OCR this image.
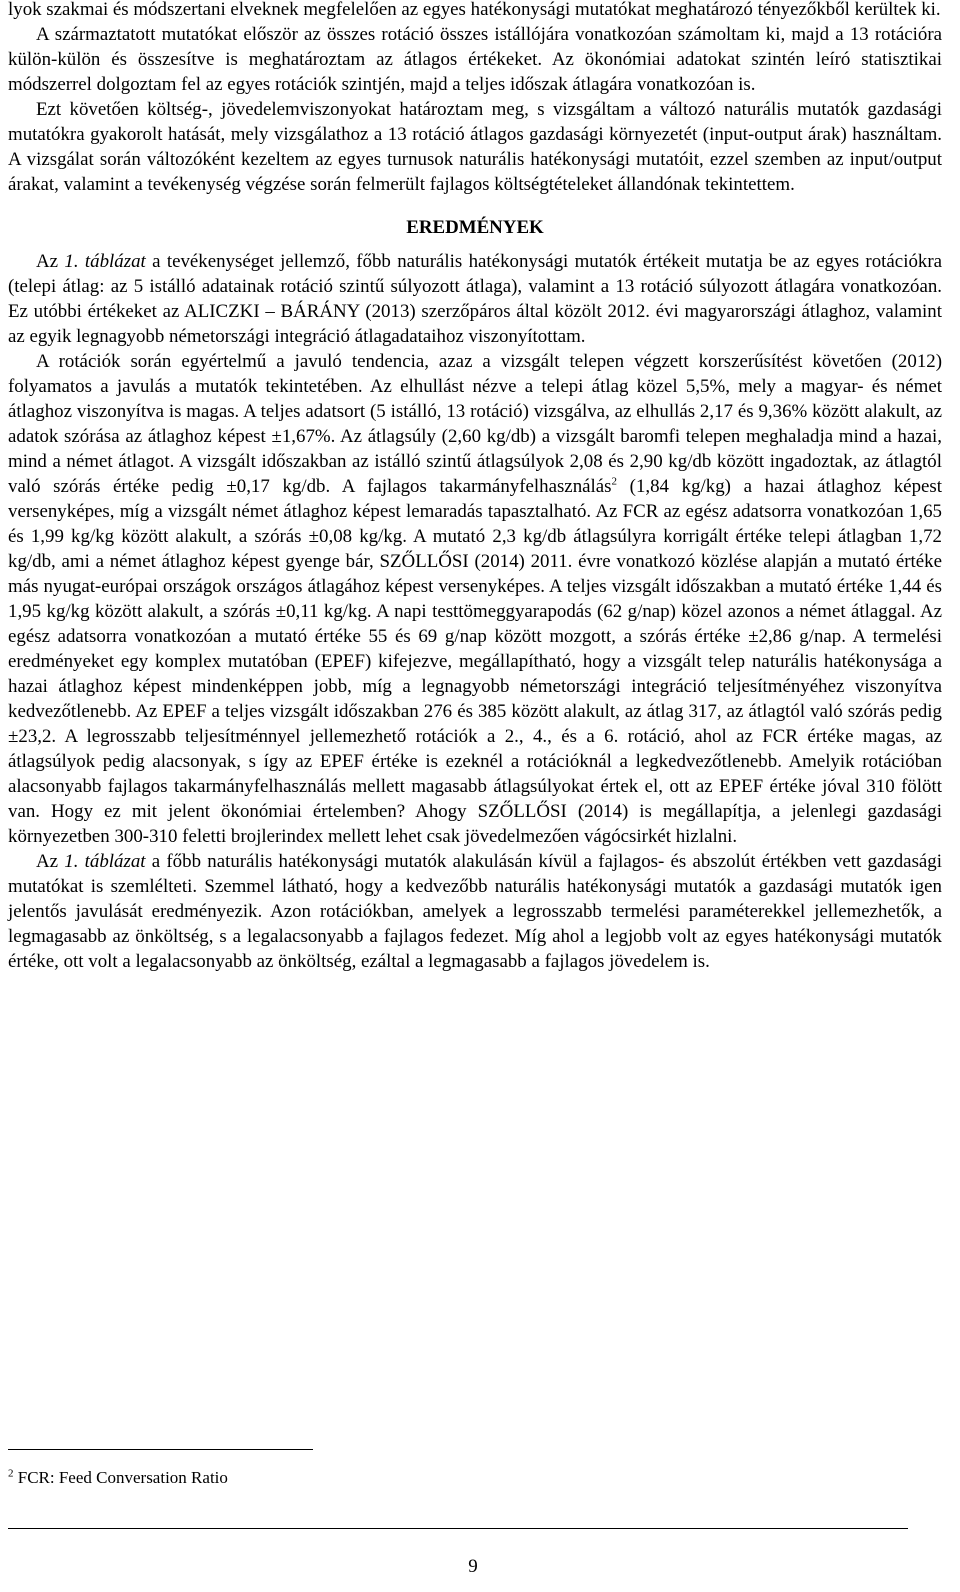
lyok szakmai és módszertani elveknek megfelelően az egyes hatékonysági mutatókat meghatározó tényezőkből kerültek ki.

A származtatott mutatókat először az összes rotáció összes istállójára vonatkozóan számoltam ki, majd a 13 rotációra külön-külön és összesítve is meghatároztam az átlagos értékeket. Az ökonómiai adatokat szintén leíró statisztikai módszerrel dolgoztam fel az egyes rotációk szintjén, majd a teljes időszak átlagára vonatkozóan is.

Ezt követően költség-, jövedelemviszonyokat határoztam meg, s vizsgáltam a változó naturális mutatók gazdasági mutatókra gyakorolt hatását, mely vizsgálathoz a 13 rotáció átlagos gazdasági környezetét (input-output árak) használtam. A vizsgálat során változóként kezeltem az egyes turnusok naturális hatékonysági mutatóit, ezzel szemben az input/output árakat, valamint a tevékenység végzése során felmerült fajlagos költségtételeket állandónak tekintettem.

EREDMÉNYEK

Az 1. táblázat a tevékenységet jellemző, főbb naturális hatékonysági mutatók értékeit mutatja be az egyes rotációkra (telepi átlag: az 5 istálló adatainak rotáció szintű súlyozott átlaga), valamint a 13 rotáció súlyozott átlagára vonatkozóan. Ez utóbbi értékeket az ALICZKI – BÁRÁNY (2013) szerzőpáros által közölt 2012. évi magyarországi átlaghoz, valamint az egyik legnagyobb németországi integráció átlagadataihoz viszonyítottam.

A rotációk során egyértelmű a javuló tendencia, azaz a vizsgált telepen végzett korszerűsítést követően (2012) folyamatos a javulás a mutatók tekintetében. Az elhullást nézve a telepi átlag közel 5,5%, mely a magyar- és német átlaghoz viszonyítva is magas. A teljes adatsort (5 istálló, 13 rotáció) vizsgálva, az elhullás 2,17 és 9,36% között alakult, az adatok szórása az átlaghoz képest ±1,67%. Az átlagsúly (2,60 kg/db) a vizsgált baromfi telepen meghaladja mind a hazai, mind a német átlagot. A vizsgált időszakban az istálló szintű átlagsúlyok 2,08 és 2,90 kg/db között ingadoztak, az átlagtól való szórás értéke pedig ±0,17 kg/db. A fajlagos takarmányfelhasználás$^2$ (1,84 kg/kg) a hazai átlaghoz képest versenyképes, míg a vizsgált német átlaghoz képest lemaradás tapasztalható. Az FCR az egész adatsorra vonatkozóan 1,65 és 1,99 kg/kg között alakult, a szórás ±0,08 kg/kg. A mutató 2,3 kg/db átlagsúlyra korrigált értéke telepi átlagban 1,72 kg/db, ami a német átlaghoz képest gyenge bár, SZŐLLŐSI (2014) 2011. évre vonatkozó közlése alapján a mutató értéke más nyugat-európai országok országos átlagához képest versenyképes. A teljes vizsgált időszakban a mutató értéke 1,44 és 1,95 kg/kg között alakult, a szórás ±0,11 kg/kg. A napi testtömeggyarapodás (62 g/nap) közel azonos a német átlaggal. Az egész adatsorra vonatkozóan a mutató értéke 55 és 69 g/nap között mozgott, a szórás értéke ±2,86 g/nap. A termelési eredményeket egy komplex mutatóban (EPEF) kifejezve, megállapítható, hogy a vizsgált telep naturális hatékonysága a hazai átlaghoz képest mindenképpen jobb, míg a legnagyobb németországi integráció teljesítményéhez viszonyítva kedvezőtlenebb. Az EPEF a teljes vizsgált időszakban 276 és 385 között alakult, az átlag 317, az átlagtól való szórás pedig ±23,2. A legrosszabb teljesítménnyel jellemezhető rotációk a 2., 4., és a 6. rotáció, ahol az FCR értéke magas, az átlagsúlyok pedig alacsonyak, s így az EPEF értéke is ezeknél a rotációknál a legkedvezőtlenebb. Amelyik rotációban alacsonyabb fajlagos takarmányfelhasználás mellett magasabb átlagsúlyokat értek el, ott az EPEF értéke jóval 310 fölött van. Hogy ez mit jelent ökonómiai értelemben? Ahogy SZŐLLŐSI (2014) is megállapítja, a jelenlegi gazdasági környezetben 300-310 feletti brojlerindex mellett lehet csak jövedelmezően vágócsirkét hizlalni.

Az 1. táblázat a főbb naturális hatékonysági mutatók alakulásán kívül a fajlagos- és abszolút értékben vett gazdasági mutatókat is szemlélteti. Szemmel látható, hogy a kedvezőbb naturális hatékonysági mutatók a gazdasági mutatók igen jelentős javulását eredményezik. Azon rotációkban, amelyek a legrosszabb termelési paraméterekkel jellemezhetők, a legmagasabb az önköltség, s a legalacsonyabb a fajlagos fedezet. Míg ahol a legjobb volt az egyes hatékonysági mutatók értéke, ott volt a legalacsonyabb az önköltség, ezáltal a legmagasabb a fajlagos jövedelem is.

$^2$ FCR: Feed Conversation Ratio
9
